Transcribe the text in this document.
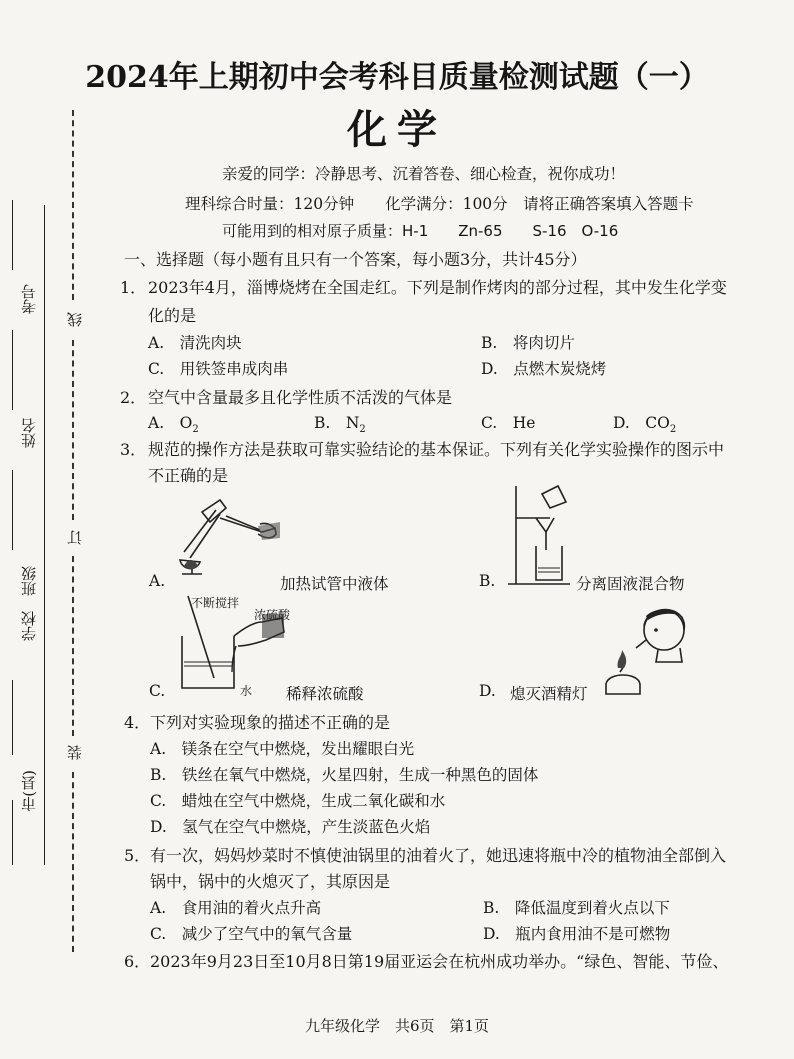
考号
姓名
学校　班级
市(县)
线
订
装
2024年上期初中会考科目质量检测试题（一）
化学
亲爱的同学：冷静思考、沉着答卷、细心检查，祝你成功！
理科综合时量：120分钟　　化学满分：100分　请将正确答案填入答题卡
可能用到的相对原子质量：H-1　　Zn-65　　S-16　O-16
一、选择题（每小题有且只有一个答案，每小题3分，共计45分）
1． 2023年4月，淄博烧烤在全国走红。下列是制作烤肉的部分过程，其中发生化学变
化的是
A.　清洗肉块	B.　将肉切片
C.　用铁签串成肉串	D.　点燃木炭烧烤
2． 空气中含量最多且化学性质不活泼的气体是
A.　$O_2$	B.　$N_2$	C.　He	D.　$CO_2$
3． 规范的操作方法是获取可靠实验结论的基本保证。下列有关化学实验操作的图示中
不正确的是
A.	加热试管中液体	B.	分离固液混合物
不断搅拌
浓硫酸
水
C.	稀释浓硫酸	D. 熄灭酒精灯
4． 下列对实验现象的描述不正确的是
A.　镁条在空气中燃烧，发出耀眼白光
B.　铁丝在氧气中燃烧，火星四射，生成一种黑色的固体
C.　蜡烛在空气中燃烧，生成二氧化碳和水
D.　氢气在空气中燃烧，产生淡蓝色火焰
5． 有一次，妈妈炒菜时不慎使油锅里的油着火了，她迅速将瓶中冷的植物油全部倒入
锅中，锅中的火熄灭了，其原因是
A.　食用油的着火点升高	B.　降低温度到着火点以下
C.　减少了空气中的氧气含量	D.　瓶内食用油不是可燃物
6． 2023年9月23日至10月8日第19届亚运会在杭州成功举办。“绿色、智能、节俭、
九年级化学　共6页　第1页
